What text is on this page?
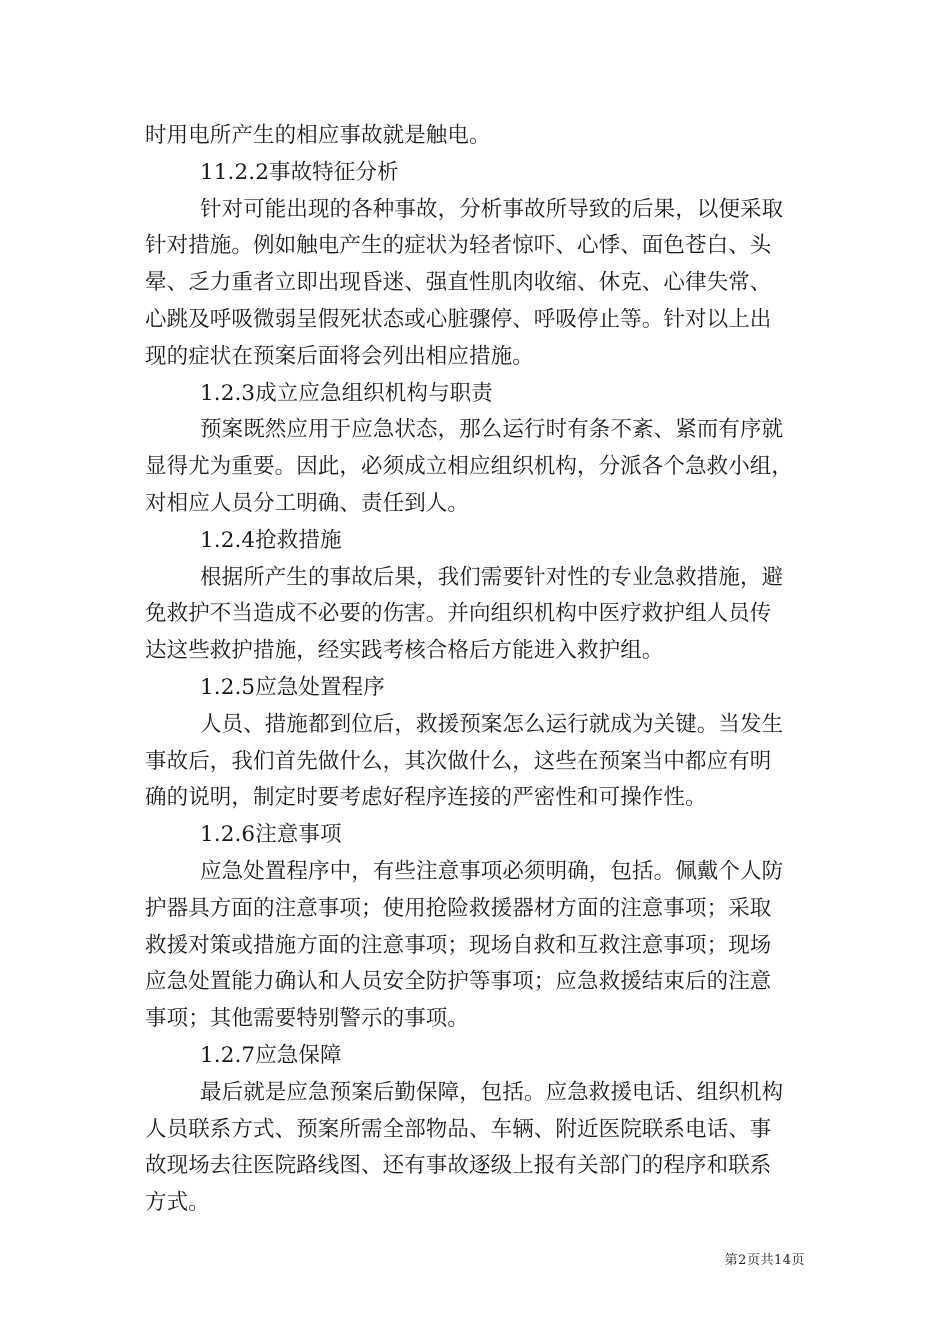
时用电所产生的相应事故就是触电。
11.2.2事故特征分析
针对可能出现的各种事故，分析事故所导致的后果，以便采取
针对措施。例如触电产生的症状为轻者惊吓、心悸、面色苍白、头
晕、乏力重者立即出现昏迷、强直性肌肉收缩、休克、心律失常、
心跳及呼吸微弱呈假死状态或心脏骤停、呼吸停止等。针对以上出
现的症状在预案后面将会列出相应措施。
1.2.3成立应急组织机构与职责
预案既然应用于应急状态，那么运行时有条不紊、紧而有序就
显得尤为重要。因此，必须成立相应组织机构，分派各个急救小组，
对相应人员分工明确、责任到人。
1.2.4抢救措施
根据所产生的事故后果，我们需要针对性的专业急救措施，避
免救护不当造成不必要的伤害。并向组织机构中医疗救护组人员传
达这些救护措施，经实践考核合格后方能进入救护组。
1.2.5应急处置程序
人员、措施都到位后，救援预案怎么运行就成为关键。当发生
事故后，我们首先做什么，其次做什么，这些在预案当中都应有明
确的说明，制定时要考虑好程序连接的严密性和可操作性。
1.2.6注意事项
应急处置程序中，有些注意事项必须明确，包括。佩戴个人防
护器具方面的注意事项；使用抢险救援器材方面的注意事项；采取
救援对策或措施方面的注意事项；现场自救和互救注意事项；现场
应急处置能力确认和人员安全防护等事项；应急救援结束后的注意
事项；其他需要特别警示的事项。
1.2.7应急保障
最后就是应急预案后勤保障，包括。应急救援电话、组织机构
人员联系方式、预案所需全部物品、车辆、附近医院联系电话、事
故现场去往医院路线图、还有事故逐级上报有关部门的程序和联系
方式。
第2页共14页
